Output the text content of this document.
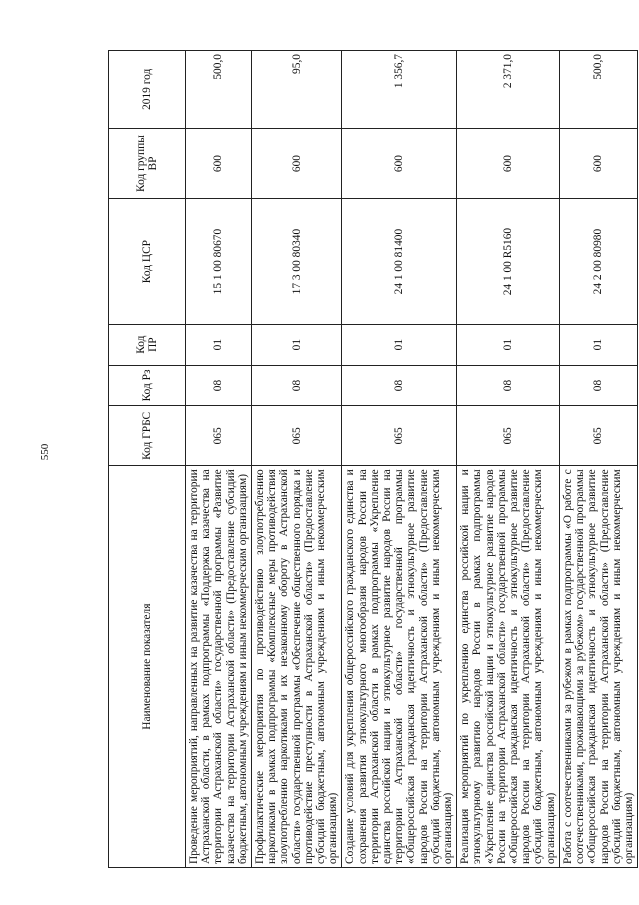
550
Наименование показателя	Код ГРБС	Код Рз	Код ПР	Код ЦСР	Код группы ВР	2019 год
Проведение мероприятий, направленных на развитие казачества на территории Астраханской области, в рамках подпрограммы «Поддержка казачества на территории Астраханской области» государственной программы «Развитие казачества на территории Астраханской области» (Предоставление субсидий бюджетным, автономным учреждениям и иным некоммерческим организациям)	065	08	01	15 1 00 80670	600	500,0
Профилактические мероприятия по противодействию злоупотреблению наркотиками в рамках подпрограммы «Комплексные меры противодействия злоупотреблению наркотиками и их незаконному обороту в Астраханской области» государственной программы «Обеспечение общественного порядка и противодействие преступности в Астраханской области» (Предоставление субсидий бюджетным, автономным учреждениям и иным некоммерческим организациям)	065	08	01	17 3 00 80340	600	95,0
Создание условий для укрепления общероссийского гражданского единства и сохранения развития этнокультурного многообразия народов России на территории Астраханской области в рамках подпрограммы «Укрепление единства российской нации и этнокультурное развитие народов России на территории Астраханской области» государственной программы «Общероссийская гражданская идентичность и этнокультурное развитие народов России на территории Астраханской области» (Предоставление субсидий бюджетным, автономным учреждениям и иным некоммерческим организациям)	065	08	01	24 1 00 81400	600	1 356,7
Реализация мероприятий по укреплению единства российской нации и этнокультурному развитию народов России в рамках подпрограммы «Укрепление единства российской нации и этнокультурное развитие народов России на территории Астраханской области» государственной программы «Общероссийская гражданская идентичность и этнокультурное развитие народов России на территории Астраханской области» (Предоставление субсидий бюджетным, автономным учреждениям и иным некоммерческим организациям)	065	08	01	24 1 00 R5160	600	2 371,0
Работа с соотечественниками за рубежом в рамках подпрограммы «О работе с соотечественниками, проживающими за рубежом» государственной программы «Общероссийская гражданская идентичность и этнокультурное развитие народов России на территории Астраханской области» (Предоставление субсидий бюджетным, автономным учреждениям и иным некоммерческим организациям)	065	08	01	24 2 00 80980	600	500,0
